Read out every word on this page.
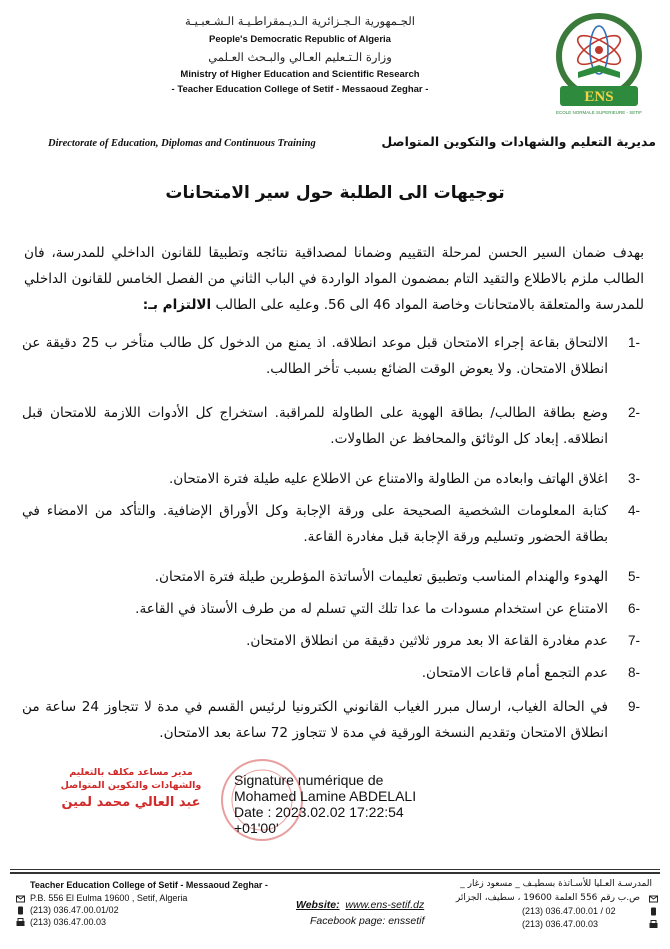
الجـمهورية الـجـزائرية الـديـمقراطـيـة الـشـعبـيـة
People's Democratic Republic of Algeria
وزارة الـتـعليم العـالي والبـحث العـلمي
Ministry of Higher Education and Scientific Research
- Teacher Education College of Setif - Messaoud Zeghar -	ENS
ECOLE NORMALE SUPERIEURE - SETIF
Directorate of Education, Diplomas and Continuous Training	مديرية التعليم والشهادات والتكوين المتواصل
توجيهات الى الطلبة حول سير الامتحانات
بهدف ضمان السير الحسن لمرحلة التقييم وضمانا لمصداقية نتائجه وتطبيقا للقانون الداخلي للمدرسة، فان الطالب ملزم بالاطلاع والتقيد التام بمضمون المواد الواردة في الباب الثاني من الفصل الخامس للقانون الداخلي للمدرسة والمتعلقة بالامتحانات وخاصة المواد 46 الى 56. وعليه على الطالب الالتزام بـ:
-1
الالتحاق بقاعة إجراء الامتحان قبل موعد انطلاقه. اذ يمنع من الدخول كل طالب متأخر ب 25 دقيقة عن انطلاق الامتحان. ولا يعوض الوقت الضائع بسبب تأخر الطالب.
-2
وضع بطاقة الطالب/ بطاقة الهوية على الطاولة للمراقبة. استخراج كل الأدوات اللازمة للامتحان قبل انطلاقه. إبعاد كل الوثائق والمحافظ عن الطاولات.
-3
اغلاق الهاتف وابعاده من الطاولة والامتناع عن الاطلاع عليه طيلة فترة الامتحان.
-4
كتابة المعلومات الشخصية الصحيحة على ورقة الإجابة وكل الأوراق الإضافية. والتأكد من الامضاء في بطاقة الحضور وتسليم ورقة الإجابة قبل مغادرة القاعة.
-5
الهدوء والهندام المناسب وتطبيق تعليمات الأساتذة المؤطرين طيلة فترة الامتحان.
-6
الامتناع عن استخدام مسودات ما عدا تلك التي تسلم له من طرف الأستاذ في القاعة.
-7
عدم مغادرة القاعة الا بعد مرور ثلاثين دقيقة من انطلاق الامتحان.
-8
عدم التجمع أمام قاعات الامتحان.
-9
في الحالة الغياب، ارسال مبرر الغياب القانوني الكترونيا لرئيس القسم في مدة لا تتجاوز 24 ساعة من انطلاق الامتحان وتقديم النسخة الورقية في مدة لا تتجاوز 72 ساعة بعد الامتحان.
مدير مساعد مكلف بالتعليم
والشهادات والتكوين المتواصل
عبد العالي محمد لمين
Signature numérique de
Mohamed Lamine ABDELALI
Date : 2023.02.02 17:22:54
+01'00'
Teacher Education College of Setif - Messaoud Zeghar -
P.B. 556 El Eulma 19600 , Setif, Algeria
(213) 036.47.00.01/02
(213) 036.47.00.03
Website: www.ens-setif.dz
Facebook page: enssetif
المدرسـة العـليا للأسـاتذة بسطيـف _ مسعود زغار _
ص.ب رقم 556 العلمة 19600 ، سطيف، الجزائر
(213) 036.47.00.01 / 02
(213) 036.47.00.03
